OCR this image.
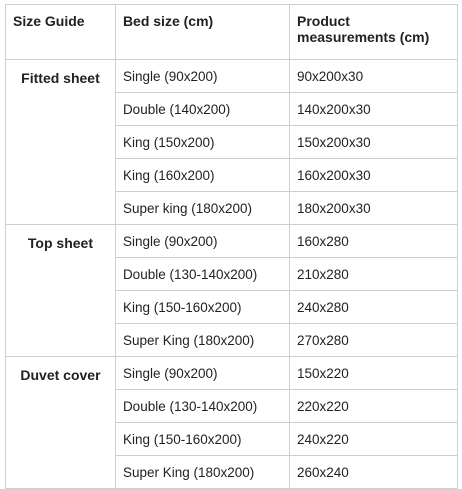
Size Guide	Bed size (cm)	Product measurements (cm)
Fitted sheet	Single (90x200)	90x200x30
	Double (140x200)	140x200x30
	King (150x200)	150x200x30
	King (160x200)	160x200x30
	Super king (180x200)	180x200x30
Top sheet	Single (90x200)	160x280
	Double (130-140x200)	210x280
	King (150-160x200)	240x280
	Super King (180x200)	270x280
Duvet cover	Single (90x200)	150x220
	Double (130-140x200)	220x220
	King (150-160x200)	240x220
	Super King (180x200)	260x240
